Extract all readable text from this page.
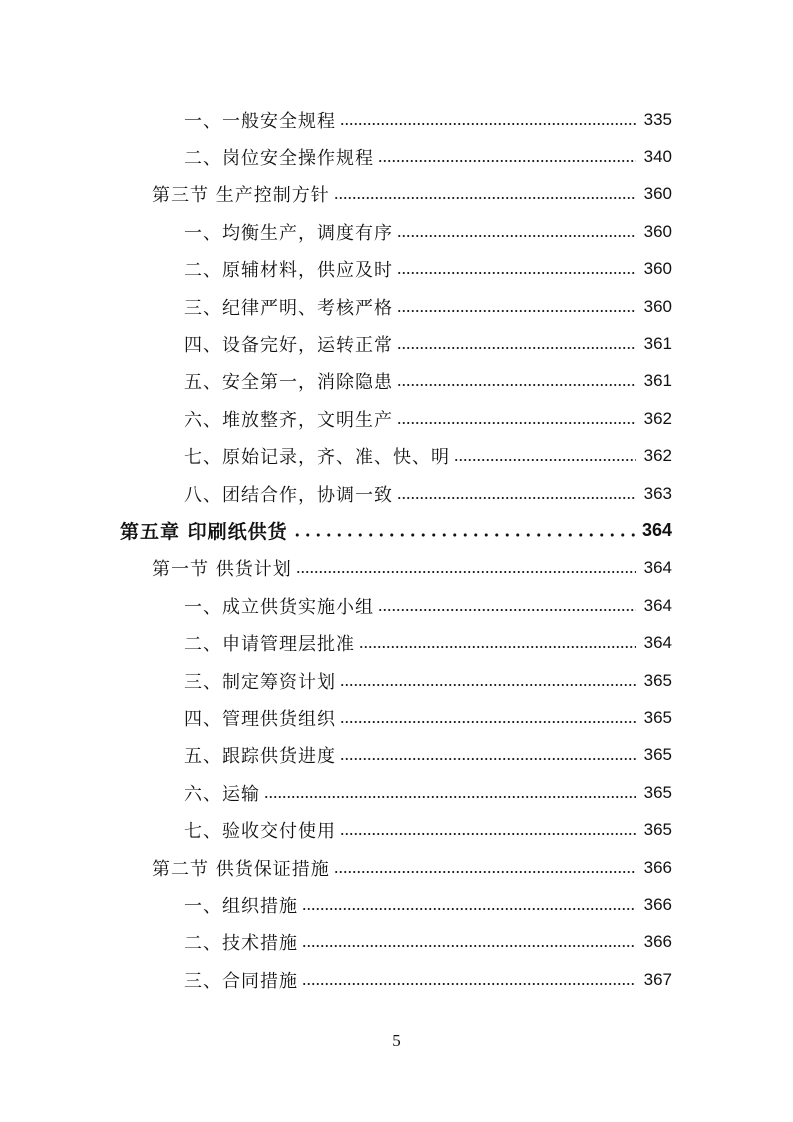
一、一般安全规程	335
二、岗位安全操作规程	340
第三节 生产控制方针	360
一、均衡生产，调度有序	360
二、原辅材料，供应及时	360
三、纪律严明、考核严格	360
四、设备完好，运转正常	361
五、安全第一，消除隐患	361
六、堆放整齐，文明生产	362
七、原始记录，齐、准、快、明	362
八、团结合作，协调一致	363
第五章 印刷纸供货	364
第一节 供货计划	364
一、成立供货实施小组	364
二、申请管理层批准	364
三、制定筹资计划	365
四、管理供货组织	365
五、跟踪供货进度	365
六、运输	365
七、验收交付使用	365
第二节 供货保证措施	366
一、组织措施	366
二、技术措施	366
三、合同措施	367
5
